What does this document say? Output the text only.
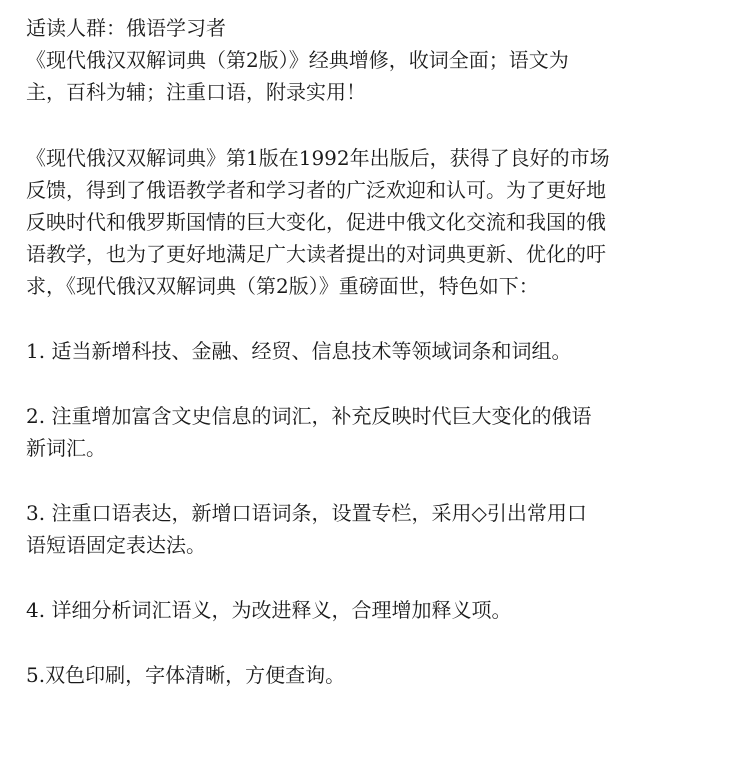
适读人群：俄语学习者

《现代俄汉双解词典（第2版）》经典增修，收词全面；语文为

主，百科为辅；注重口语，附录实用！

《现代俄汉双解词典》第1版在1992年出版后，获得了良好的市场

反馈，得到了俄语教学者和学习者的广泛欢迎和认可。为了更好地

反映时代和俄罗斯国情的巨大变化，促进中俄文化交流和我国的俄

语教学，也为了更好地满足广大读者提出的对词典更新、优化的吁

求，《现代俄汉双解词典（第2版）》重磅面世，特色如下：

1. 适当新增科技、金融、经贸、信息技术等领域词条和词组。

2. 注重增加富含文史信息的词汇，补充反映时代巨大变化的俄语

新词汇。

3. 注重口语表达，新增口语词条，设置专栏，采用◇引出常用口

语短语固定表达法。

4. 详细分析词汇语义，为改进释义，合理增加释义项。

5.双色印刷，字体清晰，方便查询。
